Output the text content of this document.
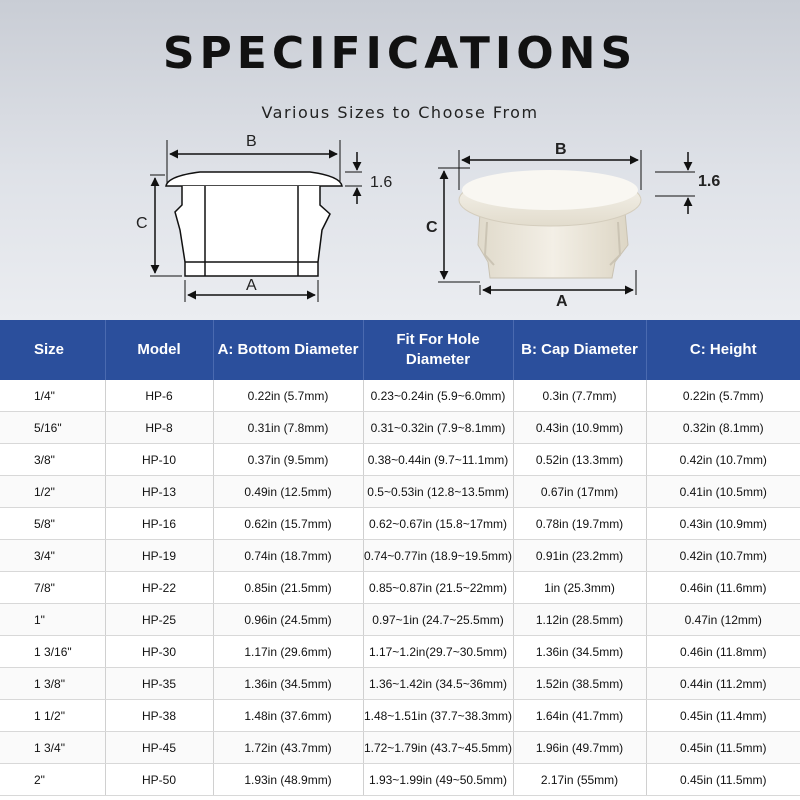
SPECIFICATIONS
Various Sizes to Choose From
B
1.6
C
A
B
1.6
C
A
Size	Model	A: Bottom Diameter	Fit For Hole Diameter	B: Cap Diameter	C: Height
1/4"	HP-6	0.22in (5.7mm)	0.23~0.24in (5.9~6.0mm)	0.3in (7.7mm)	0.22in (5.7mm)
5/16"	HP-8	0.31in (7.8mm)	0.31~0.32in (7.9~8.1mm)	0.43in (10.9mm)	0.32in (8.1mm)
3/8"	HP-10	0.37in (9.5mm)	0.38~0.44in (9.7~11.1mm)	0.52in (13.3mm)	0.42in (10.7mm)
1/2"	HP-13	0.49in (12.5mm)	0.5~0.53in (12.8~13.5mm)	0.67in (17mm)	0.41in (10.5mm)
5/8"	HP-16	0.62in (15.7mm)	0.62~0.67in (15.8~17mm)	0.78in (19.7mm)	0.43in (10.9mm)
3/4"	HP-19	0.74in (18.7mm)	0.74~0.77in (18.9~19.5mm)	0.91in (23.2mm)	0.42in (10.7mm)
7/8"	HP-22	0.85in (21.5mm)	0.85~0.87in (21.5~22mm)	1in (25.3mm)	0.46in (11.6mm)
1"	HP-25	0.96in (24.5mm)	0.97~1in (24.7~25.5mm)	1.12in (28.5mm)	0.47in (12mm)
1 3/16"	HP-30	1.17in (29.6mm)	1.17~1.2in(29.7~30.5mm)	1.36in (34.5mm)	0.46in (11.8mm)
1 3/8"	HP-35	1.36in (34.5mm)	1.36~1.42in (34.5~36mm)	1.52in (38.5mm)	0.44in (11.2mm)
1 1/2"	HP-38	1.48in (37.6mm)	1.48~1.51in (37.7~38.3mm)	1.64in (41.7mm)	0.45in (11.4mm)
1 3/4"	HP-45	1.72in (43.7mm)	1.72~1.79in (43.7~45.5mm)	1.96in (49.7mm)	0.45in (11.5mm)
2"	HP-50	1.93in (48.9mm)	1.93~1.99in (49~50.5mm)	2.17in (55mm)	0.45in (11.5mm)
